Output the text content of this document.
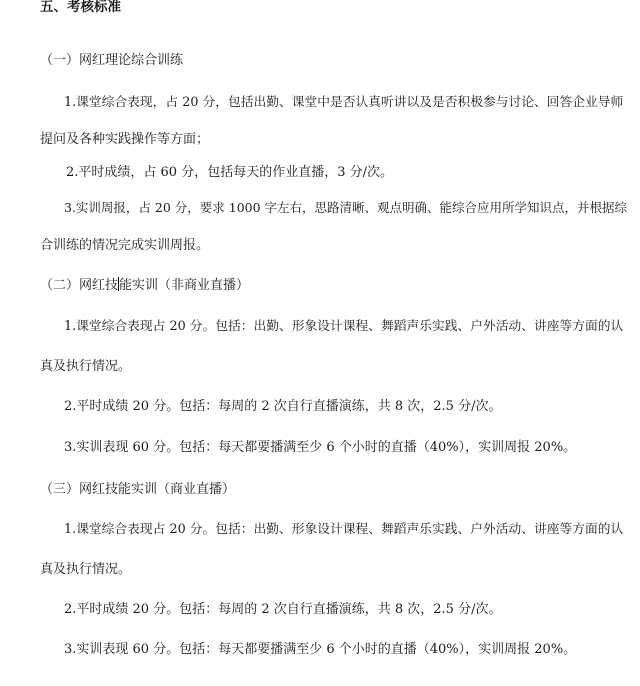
五、考核标准
（一）网红理论综合训练
1.课堂综合表现，占 20 分，包括出勤、课堂中是否认真听讲以及是否积极参与讨论、回答企业导师
提问及各种实践操作等方面；
2.平时成绩，占 60 分，包括每天的作业直播，3 分/次。
3.实训周报，占 20 分，要求 1000 字左右，思路清晰、观点明确、能综合应用所学知识点，并根据综
合训练的情况完成实训周报。
（二）网红技能实训（非商业直播）
1.课堂综合表现占 20 分。包括：出勤、形象设计课程、舞蹈声乐实践、户外活动、讲座等方面的认
真及执行情况。
2.平时成绩 20 分。包括：每周的 2 次自行直播演练，共 8 次，2.5 分/次。
3.实训表现 60 分。包括：每天都要播满至少 6 个小时的直播（40%），实训周报 20%。
（三）网红技能实训（商业直播）
1.课堂综合表现占 20 分。包括：出勤、形象设计课程、舞蹈声乐实践、户外活动、讲座等方面的认
真及执行情况。
2.平时成绩 20 分。包括：每周的 2 次自行直播演练，共 8 次，2.5 分/次。
3.实训表现 60 分。包括：每天都要播满至少 6 个小时的直播（40%），实训周报 20%。
